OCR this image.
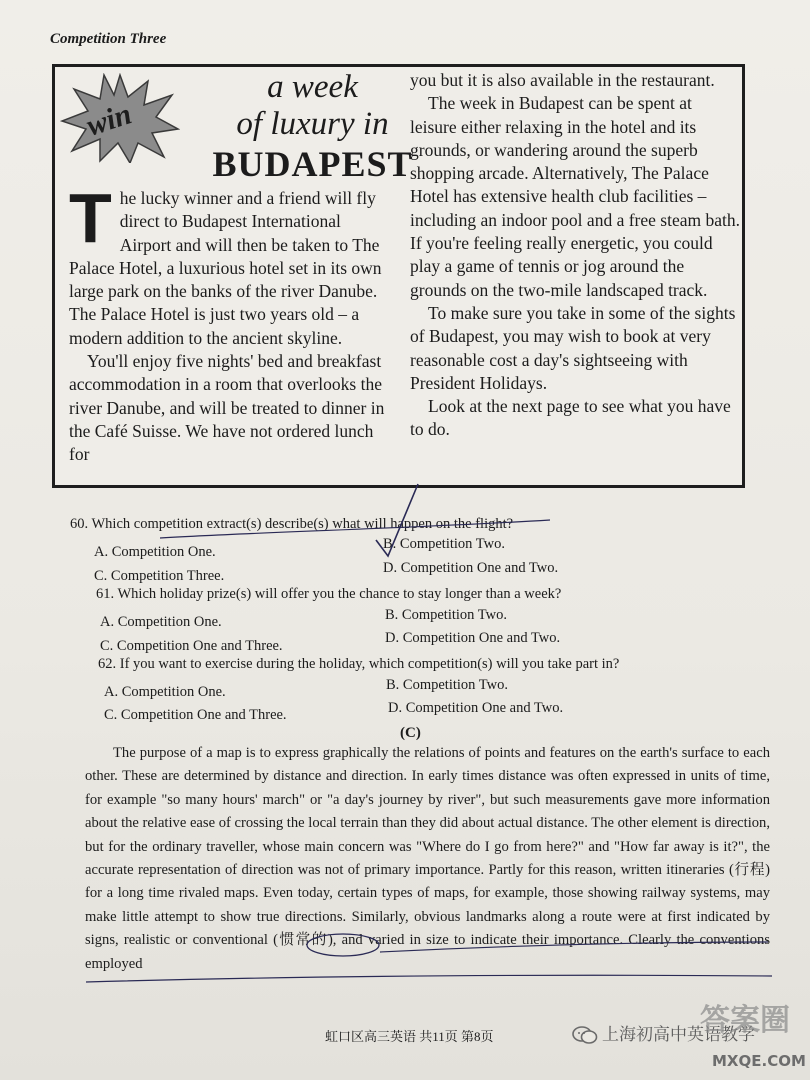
Competition Three
win
a week
of luxury in
BUDAPEST

The lucky winner and a friend will fly direct to Budapest International Airport and will then be taken to The Palace Hotel, a luxurious hotel set in its own large park on the banks of the river Danube. The Palace Hotel is just two years old – a modern addition to the ancient skyline.

You'll enjoy five nights' bed and breakfast accommodation in a room that overlooks the river Danube, and will be treated to dinner in the Café Suisse. We have not ordered lunch for

you but it is also available in the restaurant.

The week in Budapest can be spent at leisure either relaxing in the hotel and its grounds, or wandering around the superb shopping arcade. Alternatively, The Palace Hotel has extensive health club facilities – including an indoor pool and a free steam bath. If you're feeling really energetic, you could play a game of tennis or jog around the grounds on the two-mile landscaped track.

To make sure you take in some of the sights of Budapest, you may wish to book at very reasonable cost a day's sightseeing with President Holidays.

Look at the next page to see what you have to do.

60. Which competition extract(s) describe(s) what will happen on the flight?
A. Competition One.	B. Competition Two.
C. Competition Three.	D. Competition One and Two.
61. Which holiday prize(s) will offer you the chance to stay longer than a week?
A. Competition One.	B. Competition Two.
C. Competition One and Three.	D. Competition One and Two.
62. If you want to exercise during the holiday, which competition(s) will you take part in?
A. Competition One.	B. Competition Two.
C. Competition One and Three.	D. Competition One and Two.
(C)

The purpose of a map is to express graphically the relations of points and features on the earth's surface to each other. These are determined by distance and direction. In early times distance was often expressed in units of time, for example "so many hours' march" or "a day's journey by river", but such measurements gave more information about the relative ease of crossing the local terrain than they did about actual distance. The other element is direction, but for the ordinary traveller, whose main concern was "Where do I go from here?" and "How far away is it?", the accurate representation of direction was not of primary importance. Partly for this reason, written itineraries (行程) for a long time rivaled maps. Even today, certain types of maps, for example, those showing railway systems, may make little attempt to show true directions. Similarly, obvious landmarks along a route were at first indicated by signs, realistic or conventional (惯常的), and varied in size to indicate their importance. Clearly the conventions employed

虹口区高三英语 共11页 第8页	上海初高中英语教学
答案圈
MXQE.COM
